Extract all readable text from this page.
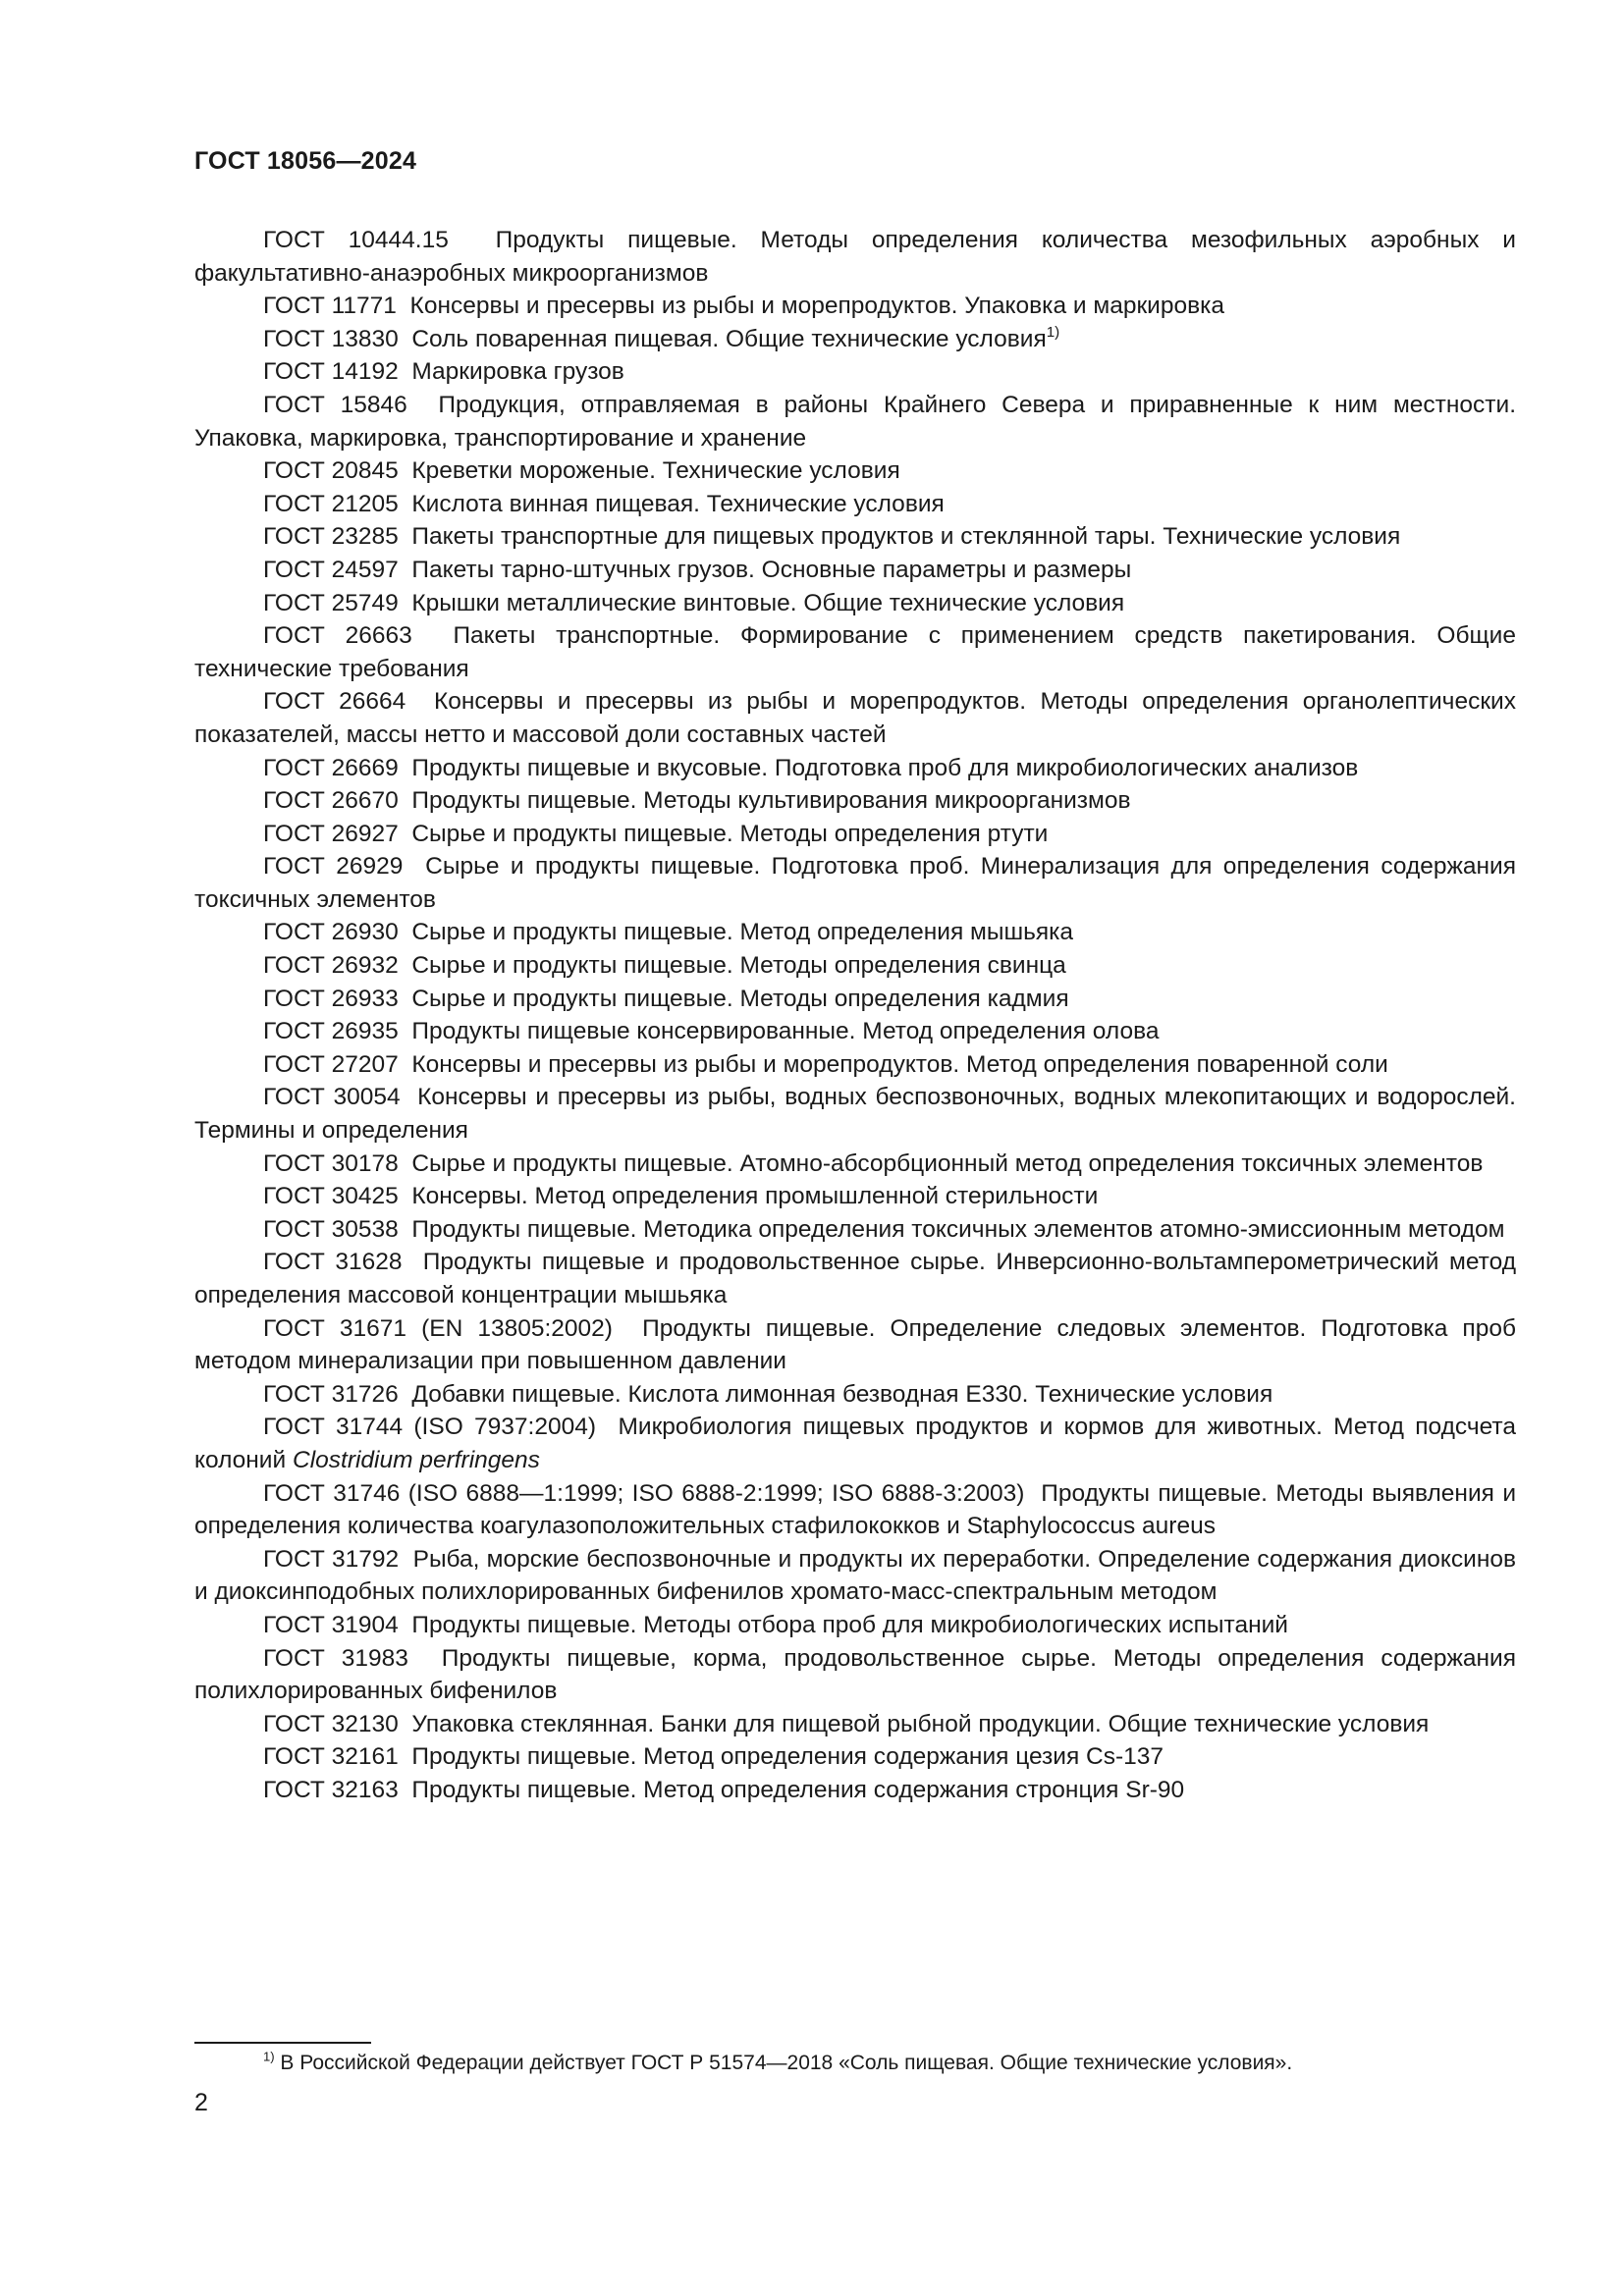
ГОСТ 18056—2024

ГОСТ 10444.15 Продукты пищевые. Методы определения количества мезофильных аэробных и факультативно-анаэробных микроорганизмов

ГОСТ 11771 Консервы и пресервы из рыбы и морепродуктов. Упаковка и маркировка

ГОСТ 13830 Соль поваренная пищевая. Общие технические условия$^{1)}$

ГОСТ 14192 Маркировка грузов

ГОСТ 15846 Продукция, отправляемая в районы Крайнего Севера и приравненные к ним местности. Упаковка, маркировка, транспортирование и хранение

ГОСТ 20845 Креветки мороженые. Технические условия

ГОСТ 21205 Кислота винная пищевая. Технические условия

ГОСТ 23285 Пакеты транспортные для пищевых продуктов и стеклянной тары. Технические условия

ГОСТ 24597 Пакеты тарно-штучных грузов. Основные параметры и размеры

ГОСТ 25749 Крышки металлические винтовые. Общие технические условия

ГОСТ 26663 Пакеты транспортные. Формирование с применением средств пакетирования. Общие технические требования

ГОСТ 26664 Консервы и пресервы из рыбы и морепродуктов. Методы определения органолептических показателей, массы нетто и массовой доли составных частей

ГОСТ 26669 Продукты пищевые и вкусовые. Подготовка проб для микробиологических анализов

ГОСТ 26670 Продукты пищевые. Методы культивирования микроорганизмов

ГОСТ 26927 Сырье и продукты пищевые. Методы определения ртути

ГОСТ 26929 Сырье и продукты пищевые. Подготовка проб. Минерализация для определения содержания токсичных элементов

ГОСТ 26930 Сырье и продукты пищевые. Метод определения мышьяка

ГОСТ 26932 Сырье и продукты пищевые. Методы определения свинца

ГОСТ 26933 Сырье и продукты пищевые. Методы определения кадмия

ГОСТ 26935 Продукты пищевые консервированные. Метод определения олова

ГОСТ 27207 Консервы и пресервы из рыбы и морепродуктов. Метод определения поваренной соли

ГОСТ 30054 Консервы и пресервы из рыбы, водных беспозвоночных, водных млекопитающих и водорослей. Термины и определения

ГОСТ 30178 Сырье и продукты пищевые. Атомно-абсорбционный метод определения токсичных элементов

ГОСТ 30425 Консервы. Метод определения промышленной стерильности

ГОСТ 30538 Продукты пищевые. Методика определения токсичных элементов атомно-эмиссионным методом

ГОСТ 31628 Продукты пищевые и продовольственное сырье. Инверсионно-вольтамперометрический метод определения массовой концентрации мышьяка

ГОСТ 31671 (EN 13805:2002) Продукты пищевые. Определение следовых элементов. Подготовка проб методом минерализации при повышенном давлении

ГОСТ 31726 Добавки пищевые. Кислота лимонная безводная Е330. Технические условия

ГОСТ 31744 (ISO 7937:2004) Микробиология пищевых продуктов и кормов для животных. Метод подсчета колоний Clostridium perfringens

ГОСТ 31746 (ISO 6888—1:1999; ISO 6888-2:1999; ISO 6888-3:2003) Продукты пищевые. Методы выявления и определения количества коагулазоположительных стафилококков и Staphylococcus aureus

ГОСТ 31792 Рыба, морские беспозвоночные и продукты их переработки. Определение содержания диоксинов и диоксинподобных полихлорированных бифенилов хромато-масс-спектральным методом

ГОСТ 31904 Продукты пищевые. Методы отбора проб для микробиологических испытаний

ГОСТ 31983 Продукты пищевые, корма, продовольственное сырье. Методы определения содержания полихлорированных бифенилов

ГОСТ 32130 Упаковка стеклянная. Банки для пищевой рыбной продукции. Общие технические условия

ГОСТ 32161 Продукты пищевые. Метод определения содержания цезия Cs-137

ГОСТ 32163 Продукты пищевые. Метод определения содержания стронция Sr-90

$^{1)}$ В Российской Федерации действует ГОСТ Р 51574—2018 «Соль пищевая. Общие технические условия».
2
